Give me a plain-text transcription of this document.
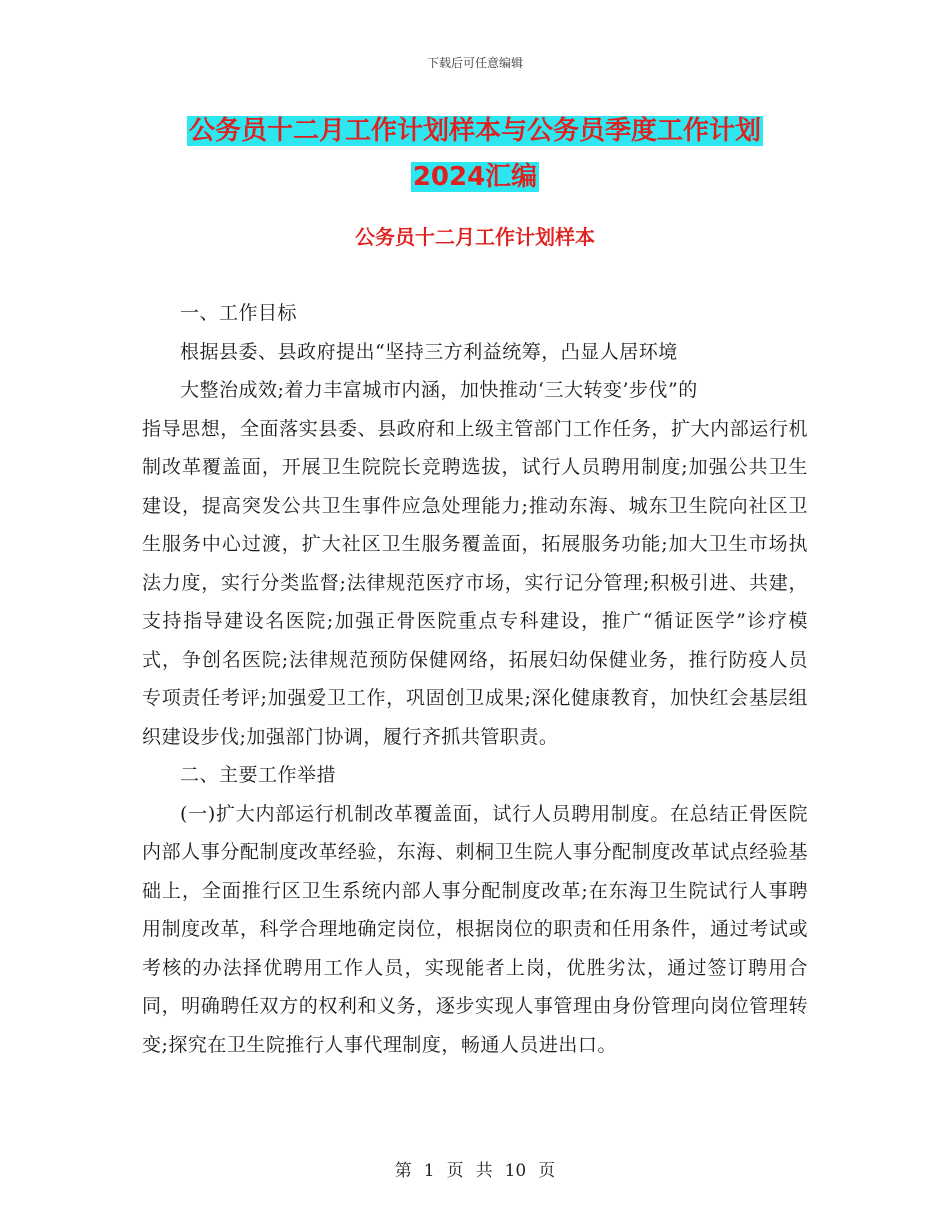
下载后可任意编辑
公务员十二月工作计划样本与公务员季度工作计划
2024汇编
公务员十二月工作计划样本

一、工作目标

根据县委、县政府提出“坚持三方利益统筹，凸显人居环境

大整治成效;着力丰富城市内涵，加快推动‘三大转变’步伐”的

指导思想，全面落实县委、县政府和上级主管部门工作任务，扩大内部运行机制改革覆盖面，开展卫生院院长竞聘选拔，试行人员聘用制度;加强公共卫生建设，提高突发公共卫生事件应急处理能力;推动东海、城东卫生院向社区卫生服务中心过渡，扩大社区卫生服务覆盖面，拓展服务功能;加大卫生市场执法力度，实行分类监督;法律规范医疗市场，实行记分管理;积极引进、共建，支持指导建设名医院;加强正骨医院重点专科建设，推广“循证医学”诊疗模式，争创名医院;法律规范预防保健网络，拓展妇幼保健业务，推行防疫人员专项责任考评;加强爱卫工作，巩固创卫成果;深化健康教育，加快红会基层组织建设步伐;加强部门协调，履行齐抓共管职责。

二、主要工作举措

(一)扩大内部运行机制改革覆盖面，试行人员聘用制度。在总结正骨医院内部人事分配制度改革经验，东海、刺桐卫生院人事分配制度改革试点经验基础上，全面推行区卫生系统内部人事分配制度改革;在东海卫生院试行人事聘用制度改革，科学合理地确定岗位，根据岗位的职责和任用条件，通过考试或考核的办法择优聘用工作人员，实现能者上岗，优胜劣汰，通过签订聘用合同，明确聘任双方的权利和义务，逐步实现人事管理由身份管理向岗位管理转变;探究在卫生院推行人事代理制度，畅通人员进出口。

第 1 页 共 10 页
